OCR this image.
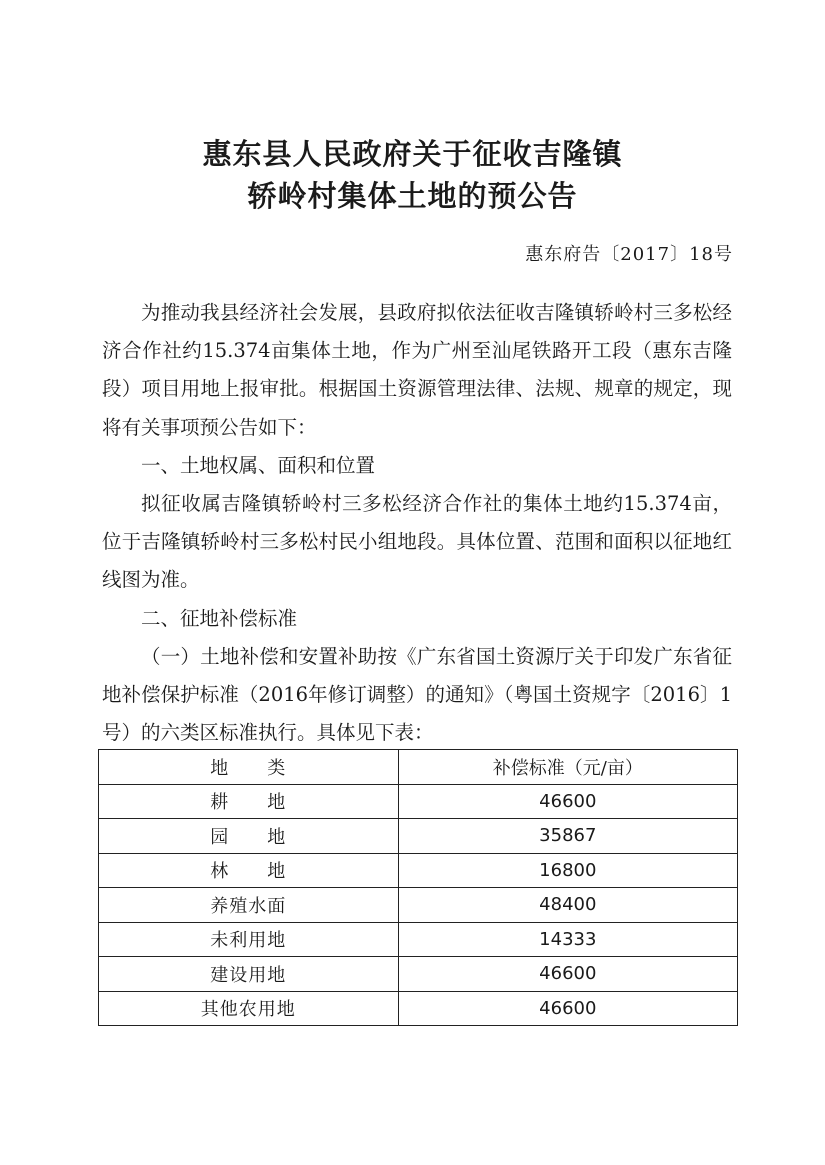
惠东县人民政府关于征收吉隆镇
轿岭村集体土地的预公告
惠东府告〔2017〕18号

为推动我县经济社会发展，县政府拟依法征收吉隆镇轿岭村三多松经济合作社约15.374亩集体土地，作为广州至汕尾铁路开工段（惠东吉隆段）项目用地上报审批。根据国土资源管理法律、法规、规章的规定，现将有关事项预公告如下：

一、土地权属、面积和位置

拟征收属吉隆镇轿岭村三多松经济合作社的集体土地约15.374亩，位于吉隆镇轿岭村三多松村民小组地段。具体位置、范围和面积以征地红线图为准。

二、征地补偿标准

（一）土地补偿和安置补助按《广东省国土资源厅关于印发广东省征地补偿保护标准（2016年修订调整）的通知》（粤国土资规字〔2016〕1号）的六类区标准执行。具体见下表：

地　　类	补偿标准（元/亩）
耕　　地	46600
园　　地	35867
林　　地	16800
养殖水面	48400
未利用地	14333
建设用地	46600
其他农用地	46600
